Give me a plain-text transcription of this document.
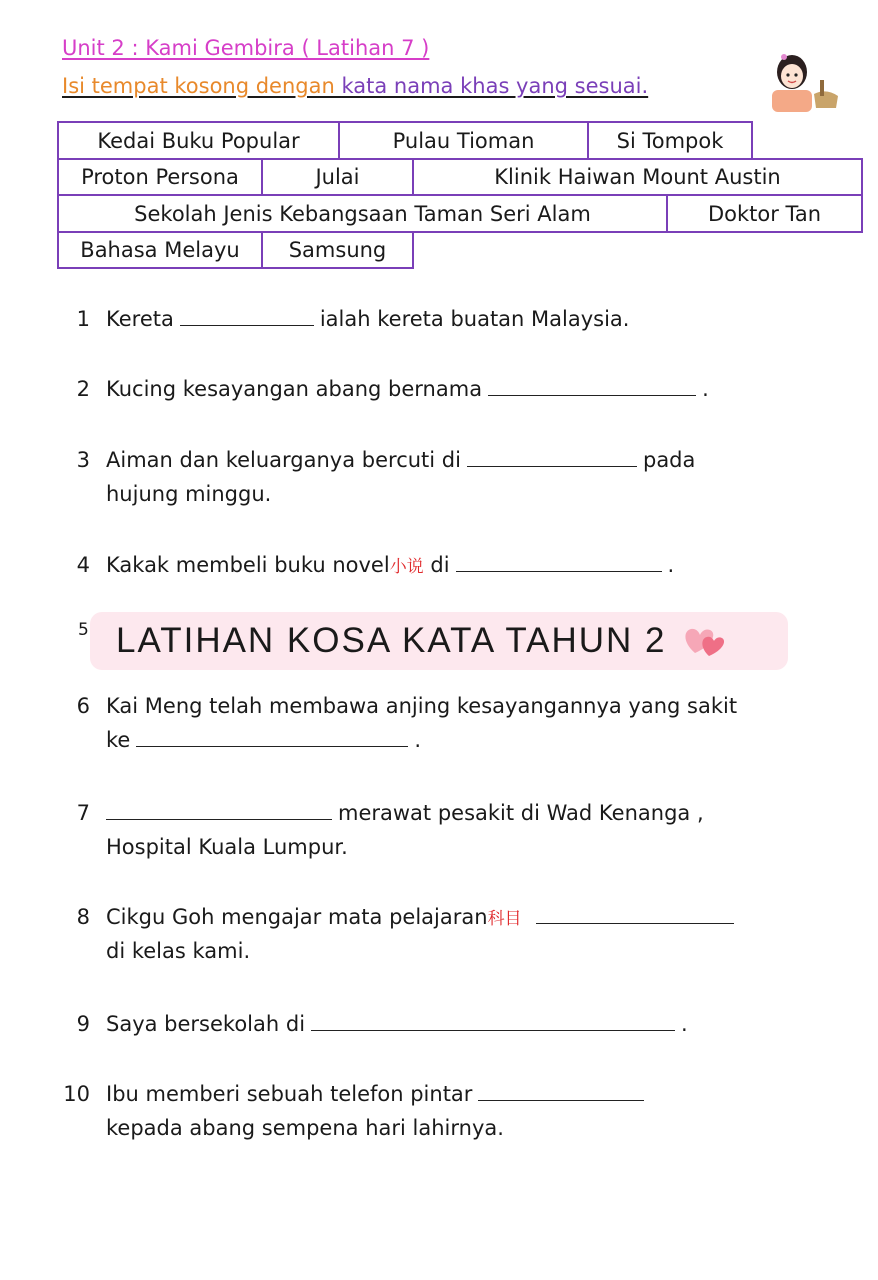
Unit 2 : Kami Gembira ( Latihan 7 )
Isi tempat kosong dengan kata nama khas yang sesuai.
Kedai Buku Popular	Pulau Tioman	Si Tompok
Proton Persona	Julai	Klinik Haiwan Mount Austin
Sekolah Jenis Kebangsaan Taman Seri Alam	Doktor Tan
Bahasa Melayu	Samsung
1 Kereta	ialah kereta buatan Malaysia.
2 Kucing kesayangan abang bernama	.
3 Aiman dan keluarganya bercuti di	pada
hujung minggu.
4 Kakak membeli buku novel小说 di	.
5 LATIHAN KOSA KATA TAHUN 2
6 Kai Meng telah membawa anjing kesayangannya yang sakit
ke	.
7	merawat pesakit di Wad Kenanga ,
Hospital Kuala Lumpur.
8 Cikgu Goh mengajar mata pelajaran科目
di kelas kami.
9 Saya bersekolah di	.
10 Ibu memberi sebuah telefon pintar
kepada abang sempena hari lahirnya.
